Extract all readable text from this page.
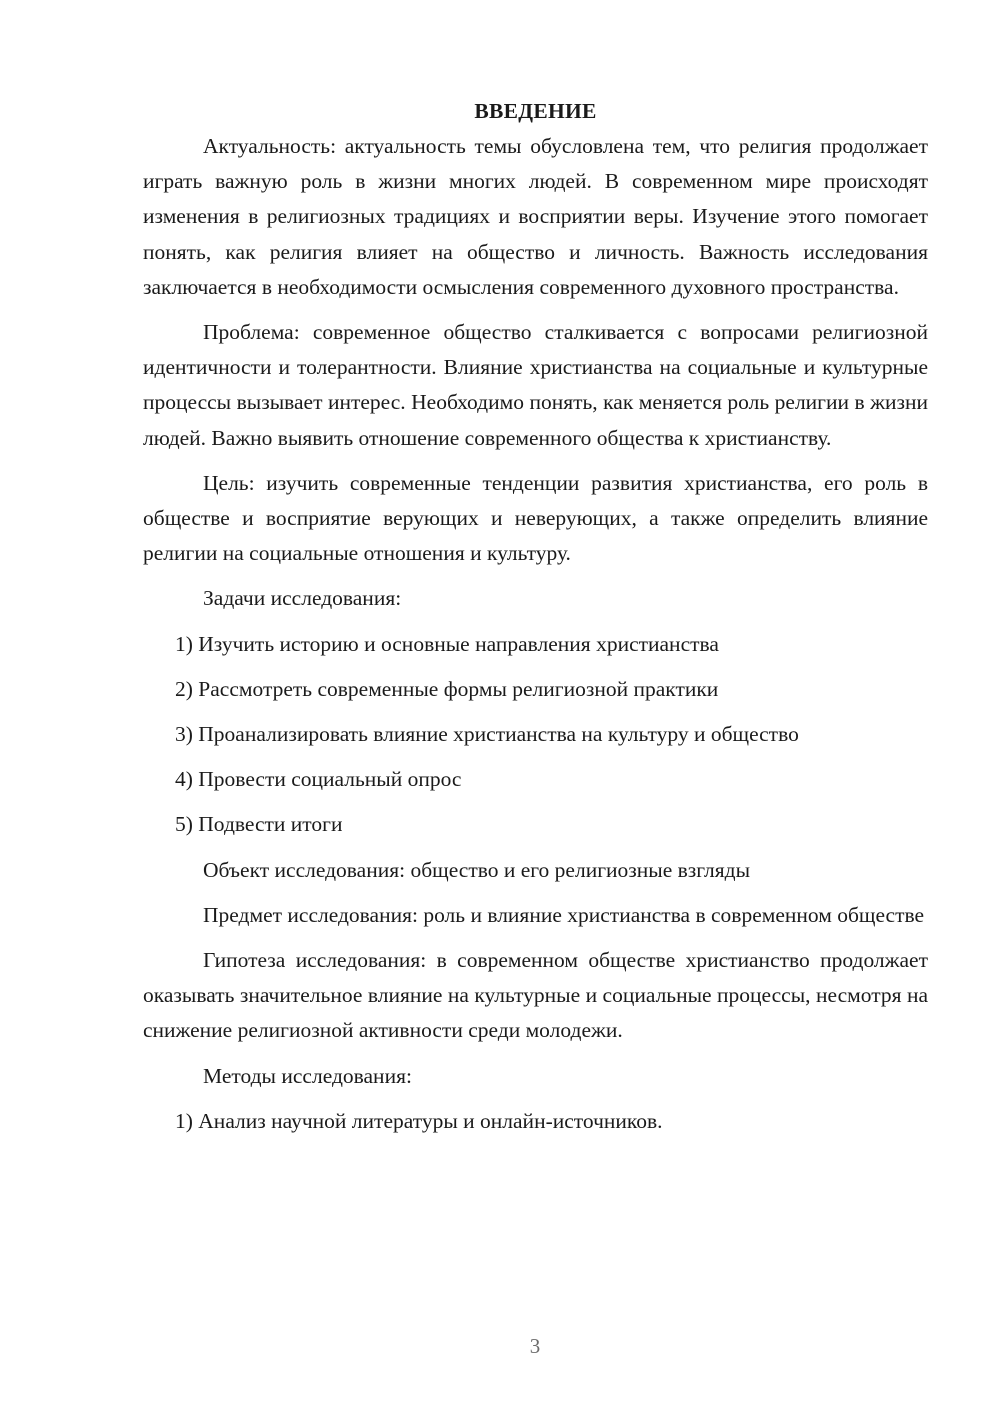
ВВЕДЕНИЕ

Актуальность: актуальность темы обусловлена тем, что религия продолжает играть важную роль в жизни многих людей. В современном мире происходят изменения в религиозных традициях и восприятии веры. Изучение этого помогает понять, как религия влияет на общество и личность. Важность исследования заключается в необходимости осмысления современного духовного пространства.

Проблема: современное общество сталкивается с вопросами религиозной идентичности и толерантности. Влияние христианства на социальные и культурные процессы вызывает интерес. Необходимо понять, как меняется роль религии в жизни людей. Важно выявить отношение современного общества к христианству.

Цель: изучить современные тенденции развития христианства, его роль в обществе и восприятие верующих и неверующих, а также определить влияние религии на социальные отношения и культуру.

Задачи исследования:

1) Изучить историю и основные направления христианства
2) Рассмотреть современные формы религиозной практики
3) Проанализировать влияние христианства на культуру и общество
4) Провести социальный опрос
5) Подвести итоги

Объект исследования: общество и его религиозные взгляды

Предмет исследования: роль и влияние христианства в современном обществе

Гипотеза исследования: в современном обществе христианство продолжает оказывать значительное влияние на культурные и социальные процессы, несмотря на снижение религиозной активности среди молодежи.

Методы исследования:

1) Анализ научной литературы и онлайн-источников.
3
